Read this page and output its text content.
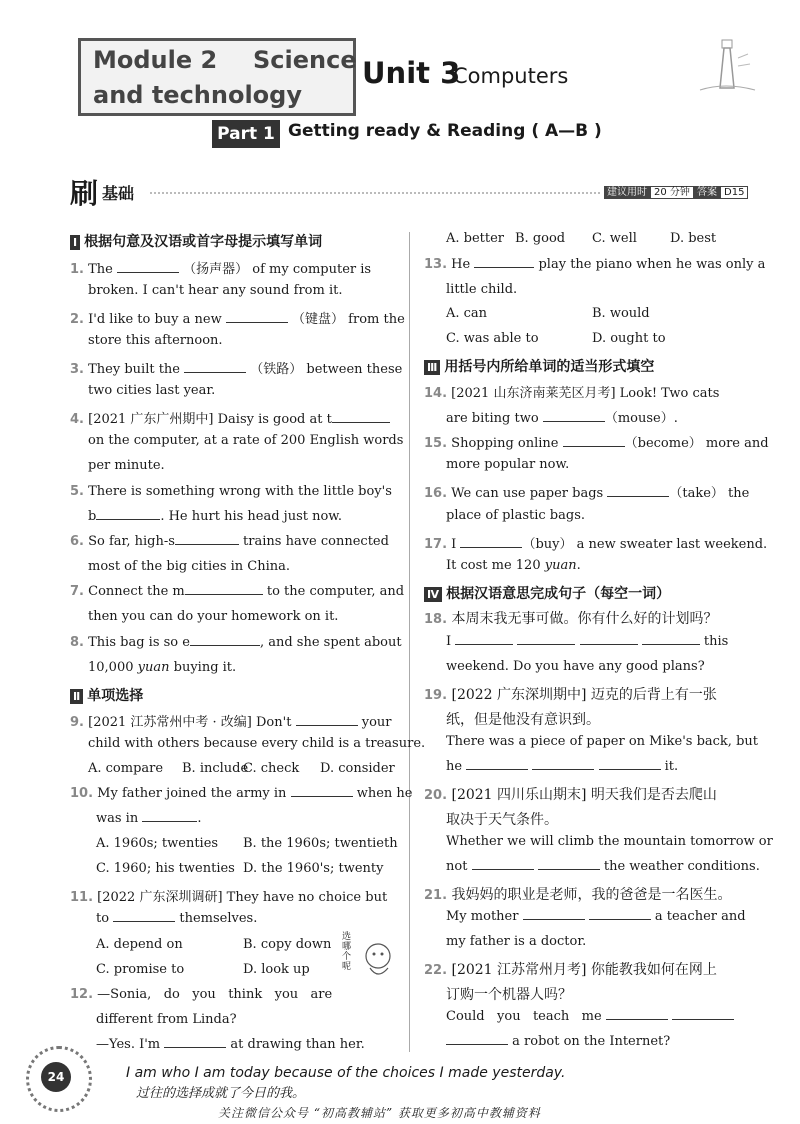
Module 2 Science
and technology
Unit 3
Computers
Part 1 Getting ready & Reading ( A—B )
刷 基础	建议用时 20 分钟 答案 D15
Ⅰ 根据句意及汉语或首字母提示填写单词
1. The	（扬声器） of my computer is
broken. I can't hear any sound from it.
2. I'd like to buy a new	（键盘） from the
store this afternoon.
3. They built the	（铁路） between these
two cities last year.
4. [2021 广东广州期中] Daisy is good at t
on the computer, at a rate of 200 English words
per minute.
5. There is something wrong with the little boy's
b	. He hurt his head just now.
6. So far, high-s	trains have connected
most of the big cities in China.
7. Connect the m	to the computer, and
then you can do your homework on it.
8. This bag is so e	, and she spent about
10,000 yuan buying it.
Ⅱ 单项选择
9. [2021 江苏常州中考 · 改编] Don't	your
child with others because every child is a treasure.
A. compare B. include
C. check D. consider
10. My father joined the army in	when he
was in	.
A. 1960s; twenties B. the 1960s; twentieth
C. 1960; his twenties D. the 1960's; twenty
11. [2022 广东深圳调研] They have no choice but
to	themselves.
A. depend on	B. copy down
C. promise to	D. look up
选哪个呢
12. —Sonia,   do   you   think   you   are
different from Linda?
—Yes. I'm	at drawing than her.
A. better B. good C. well	D. best
13. He	play the piano when he was only a
little child.
A. can	B. would
C. was able to	D. ought to
Ⅲ 用括号内所给单词的适当形式填空
14. [2021 山东济南莱芜区月考] Look! Two cats
are biting two	（mouse）.
15. Shopping online	（become） more and
more popular now.
16. We can use paper bags	（take） the
place of plastic bags.
17. I	（buy） a new sweater last weekend.
It cost me 120 yuan.
Ⅳ 根据汉语意思完成句子（每空一词）
18. 本周末我无事可做。你有什么好的计划吗？
I	this
weekend. Do you have any good plans?
19. [2022 广东深圳期中] 迈克的后背上有一张
纸，但是他没有意识到。
There was a piece of paper on Mike's back, but
he	it.
20. [2021 四川乐山期末] 明天我们是否去爬山
取决于天气条件。
Whether we will climb the mountain tomorrow or
not	the weather conditions.
21. 我妈妈的职业是老师，我的爸爸是一名医生。
My mother	a teacher and
my father is a doctor.
22. [2021 江苏常州月考] 你能教我如何在网上
订购一个机器人吗？
Could   you   teach   me
a robot on the Internet?
24	I am who I am today because of the choices I made yesterday.
过往的选择成就了今日的我。
关注微信公众号 “初高教辅站” 获取更多初高中教辅资料
